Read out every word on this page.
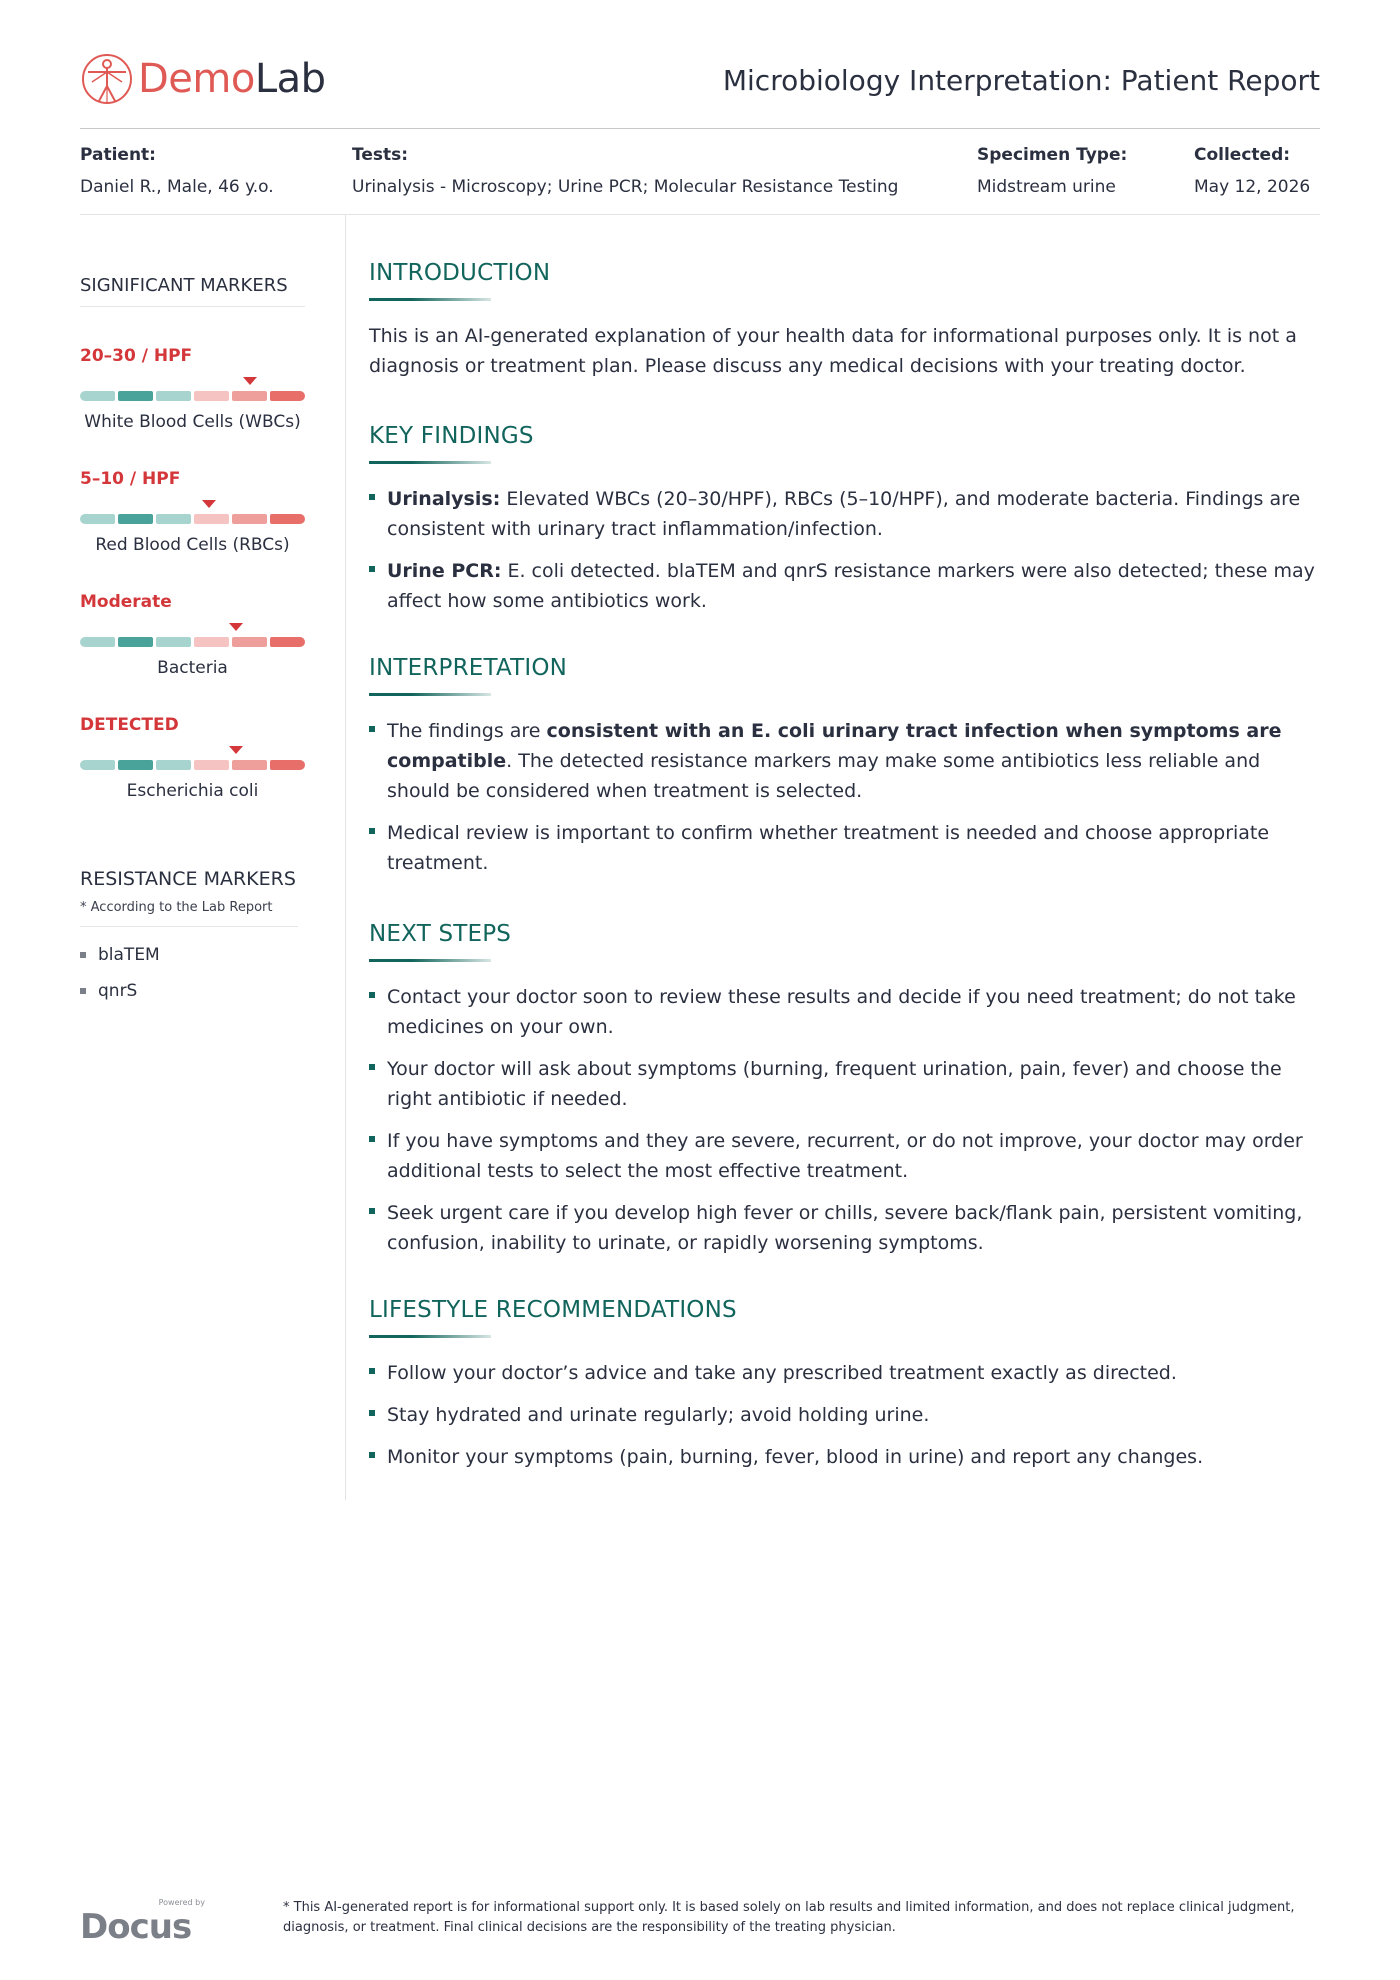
DemoLab	Microbiology Interpretation: Patient Report
Patient:
Daniel R., Male, 46 y.o.
Tests:
Urinalysis - Microscopy; Urine PCR; Molecular Resistance Testing
Specimen Type:
Midstream urine
Collected:
May 12, 2026
SIGNIFICANT MARKERS
20–30 / HPF
White Blood Cells (WBCs)
5–10 / HPF
Red Blood Cells (RBCs)
Moderate
Bacteria
DETECTED
Escherichia coli
RESISTANCE MARKERS
* According to the Lab Report
blaTEM
qnrS
INTRODUCTION
This is an AI-generated explanation of your health data for informational purposes only. It is not a diagnosis or treatment plan. Please discuss any medical decisions with your treating doctor.
KEY FINDINGS
Urinalysis: Elevated WBCs (20–30/HPF), RBCs (5–10/HPF), and moderate bacteria. Findings are consistent with urinary tract inflammation/infection.
Urine PCR: E. coli detected. blaTEM and qnrS resistance markers were also detected; these may affect how some antibiotics work.
INTERPRETATION
The findings are consistent with an E. coli urinary tract infection when symptoms are compatible. The detected resistance markers may make some antibiotics less reliable and should be considered when treatment is selected.
Medical review is important to confirm whether treatment is needed and choose appropriate treatment.
NEXT STEPS
Contact your doctor soon to review these results and decide if you need treatment; do not take medicines on your own.
Your doctor will ask about symptoms (burning, frequent urination, pain, fever) and choose the right antibiotic if needed.
If you have symptoms and they are severe, recurrent, or do not improve, your doctor may order additional tests to select the most effective treatment.
Seek urgent care if you develop high fever or chills, severe back/flank pain, persistent vomiting, confusion, inability to urinate, or rapidly worsening symptoms.
LIFESTYLE RECOMMENDATIONS
Follow your doctor’s advice and take any prescribed treatment exactly as directed.
Stay hydrated and urinate regularly; avoid holding urine.
Monitor your symptoms (pain, burning, fever, blood in urine) and report any changes.
Powered by
Docus	* This AI-generated report is for informational support only. It is based solely on lab results and limited information, and does not replace clinical judgment, diagnosis, or treatment. Final clinical decisions are the responsibility of the treating physician.
